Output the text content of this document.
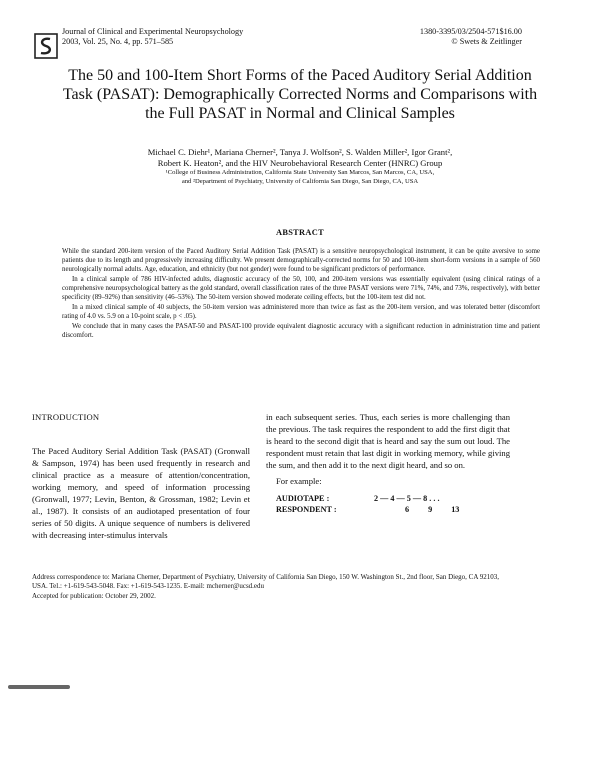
Journal of Clinical and Experimental Neuropsychology
2003, Vol. 25, No. 4, pp. 571–585
1380-3395/03/2504-571$16.00
© Swets & Zeitlinger
The 50 and 100-Item Short Forms of the Paced Auditory Serial Addition Task (PASAT): Demographically Corrected Norms and Comparisons with the Full PASAT in Normal and Clinical Samples
Michael C. Diehr¹, Mariana Cherner², Tanya J. Wolfson², S. Walden Miller², Igor Grant²,
Robert K. Heaton², and the HIV Neurobehavioral Research Center (HNRC) Group
¹College of Business Administration, California State University San Marcos, San Marcos, CA, USA,
and ²Department of Psychiatry, University of California San Diego, San Diego, CA, USA
ABSTRACT

While the standard 200-item version of the Paced Auditory Serial Addition Task (PASAT) is a sensitive neuropsychological instrument, it can be quite aversive to some patients due to its length and progressively increasing difficulty. We present demographically-corrected norms for 50 and 100-item short-form versions in a sample of 560 neurologically normal adults. Age, education, and ethnicity (but not gender) were found to be significant predictors of performance.

In a clinical sample of 786 HIV-infected adults, diagnostic accuracy of the 50, 100, and 200-item versions was essentially equivalent (using clinical ratings of a comprehensive neuropsychological battery as the gold standard, overall classification rates of the three PASAT versions were 71%, 74%, and 73%, respectively), with better specificity (89–92%) than sensitivity (46–53%). The 50-item version showed moderate ceiling effects, but the 100-item test did not.

In a mixed clinical sample of 40 subjects, the 50-item version was administered more than twice as fast as the 200-item version, and was tolerated better (discomfort rating of 4.0 vs. 5.9 on a 10-point scale, p < .05).

We conclude that in many cases the PASAT-50 and PASAT-100 provide equivalent diagnostic accuracy with a significant reduction in administration time and patient discomfort.

INTRODUCTION

The Paced Auditory Serial Addition Task (PASAT) (Gronwall & Sampson, 1974) has been used frequently in research and clinical practice as a measure of attention/concentration, working memory, and speed of information processing (Gronwall, 1977; Levin, Benton, & Grossman, 1982; Levin et al., 1987). It consists of an audiotaped presentation of four series of 50 digits. A unique sequence of numbers is delivered with decreasing inter-stimulus intervals

in each subsequent series. Thus, each series is more challenging than the previous. The task requires the respondent to add the first digit that is heard to the second digit that is heard and say the sum out loud. The respondent must retain that last digit in working memory, while giving the sum, and then add it to the next digit heard, and so on.

For example:

AUDIOTAPE :	2 — 4 — 5 — 8 . . .
RESPONDENT :	6 9 13

Address correspondence to: Mariana Cherner, Department of Psychiatry, University of California San Diego, 150 W. Washington St., 2nd floor, San Diego, CA 92103, USA. Tel.: +1-619-543-5048. Fax: +1-619-543-1235. E-mail: mcherner@ucsd.edu

Accepted for publication: October 29, 2002.
